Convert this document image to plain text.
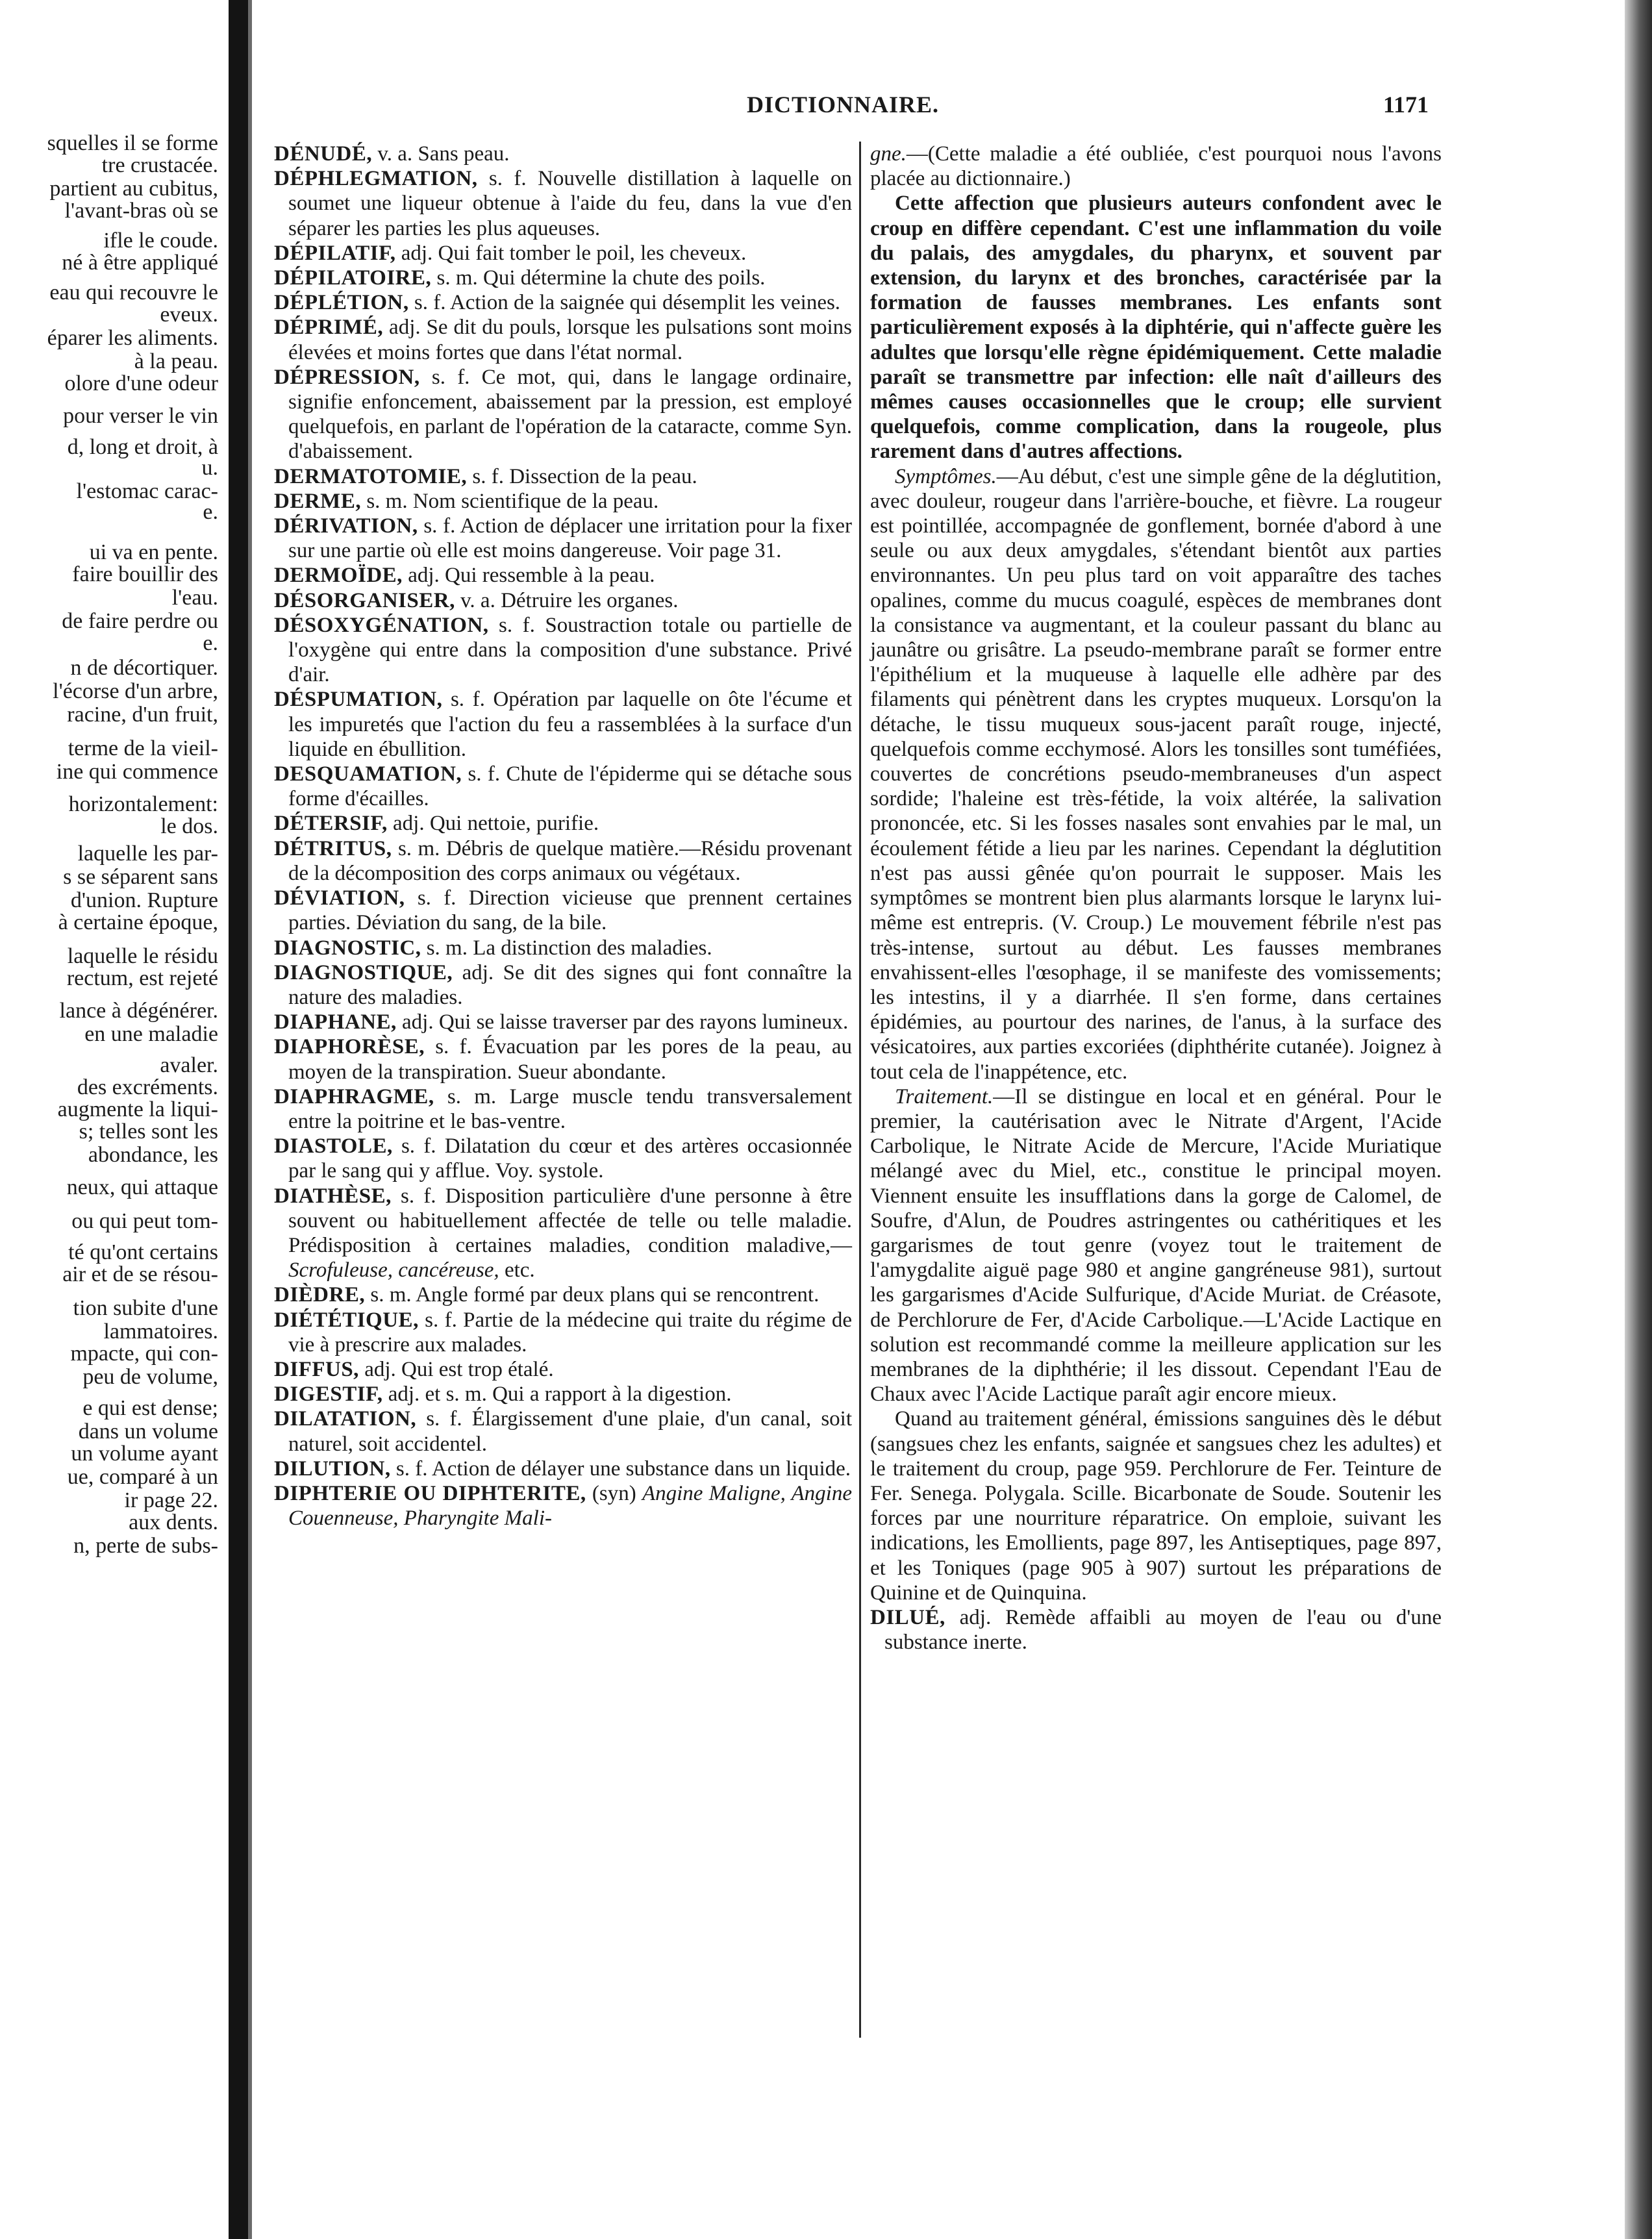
squelles il se forme
tre crustacée.
partient au cubitus,
l'avant-bras où se
ifle le coude.
né à être appliqué
eau qui recouvre le
eveux.
éparer les aliments.
à la peau.
olore d'une odeur
pour verser le vin
d, long et droit, à
u.
l'estomac carac-
e.
ui va en pente.
faire bouillir des
l'eau.
de faire perdre ou
e.
n de décortiquer.
l'écorse d'un arbre,
racine, d'un fruit,
terme de la vieil-
ine qui commence
horizontalement:
le dos.
laquelle les par-
s se séparent sans
d'union. Rupture
à certaine époque,
laquelle le résidu
rectum, est rejeté
lance à dégénérer.
en une maladie
avaler.
des excréments.
augmente la liqui-
s; telles sont les
abondance, les
neux, qui attaque
ou qui peut tom-
té qu'ont certains
air et de se résou-
tion subite d'une
lammatoires.
mpacte, qui con-
peu de volume,
e qui est dense;
dans un volume
un volume ayant
ue, comparé à un
ir page 22.
aux dents.
n, perte de subs-
DICTIONNAIRE.	1171

DÉNUDÉ, v. a. Sans peau.

DÉPHLEGMATION, s. f. Nouvelle distillation à laquelle on soumet une liqueur obtenue à l'aide du feu, dans la vue d'en séparer les parties les plus aqueuses.

DÉPILATIF, adj. Qui fait tomber le poil, les cheveux.

DÉPILATOIRE, s. m. Qui détermine la chute des poils.

DÉPLÉTION, s. f. Action de la saignée qui désemplit les veines.

DÉPRIMÉ, adj. Se dit du pouls, lorsque les pulsations sont moins élevées et moins fortes que dans l'état normal.

DÉPRESSION, s. f. Ce mot, qui, dans le langage ordinaire, signifie enfoncement, abaissement par la pression, est employé quelquefois, en parlant de l'opération de la cataracte, comme Syn. d'abaissement.

DERMATOTOMIE, s. f. Dissection de la peau.

DERME, s. m. Nom scientifique de la peau.

DÉRIVATION, s. f. Action de déplacer une irritation pour la fixer sur une partie où elle est moins dangereuse. Voir page 31.

DERMOÏDE, adj. Qui ressemble à la peau.

DÉSORGANISER, v. a. Détruire les organes.

DÉSOXYGÉNATION, s. f. Soustraction totale ou partielle de l'oxygène qui entre dans la composition d'une substance. Privé d'air.

DÉSPUMATION, s. f. Opération par laquelle on ôte l'écume et les impuretés que l'action du feu a rassemblées à la surface d'un liquide en ébullition.

DESQUAMATION, s. f. Chute de l'épiderme qui se détache sous forme d'écailles.

DÉTERSIF, adj. Qui nettoie, purifie.

DÉTRITUS, s. m. Débris de quelque matière.—Résidu provenant de la décomposition des corps animaux ou végétaux.

DÉVIATION, s. f. Direction vicieuse que prennent certaines parties. Déviation du sang, de la bile.

DIAGNOSTIC, s. m. La distinction des maladies.

DIAGNOSTIQUE, adj. Se dit des signes qui font connaître la nature des maladies.

DIAPHANE, adj. Qui se laisse traverser par des rayons lumineux.

DIAPHORÈSE, s. f. Évacuation par les pores de la peau, au moyen de la transpiration. Sueur abondante.

DIAPHRAGME, s. m. Large muscle tendu transversalement entre la poitrine et le bas-ventre.

DIASTOLE, s. f. Dilatation du cœur et des artères occasionnée par le sang qui y afflue. Voy. systole.

DIATHÈSE, s. f. Disposition particulière d'une personne à être souvent ou habituellement affectée de telle ou telle maladie. Prédisposition à certaines maladies, condition maladive,—Scrofuleuse, cancéreuse, etc.

DIÈDRE, s. m. Angle formé par deux plans qui se rencontrent.

DIÉTÉTIQUE, s. f. Partie de la médecine qui traite du régime de vie à prescrire aux malades.

DIFFUS, adj. Qui est trop étalé.

DIGESTIF, adj. et s. m. Qui a rapport à la digestion.

DILATATION, s. f. Élargissement d'une plaie, d'un canal, soit naturel, soit accidentel.

DILUTION, s. f. Action de délayer une substance dans un liquide.

DIPHTERIE OU DIPHTERITE, (syn) Angine Maligne, Angine Couenneuse, Pharyngite Mali-

gne.—(Cette maladie a été oubliée, c'est pourquoi nous l'avons placée au dictionnaire.)

Cette affection que plusieurs auteurs confondent avec le croup en diffère cependant. C'est une inflammation du voile du palais, des amygdales, du pharynx, et souvent par extension, du larynx et des bronches, caractérisée par la formation de fausses membranes. Les enfants sont particulièrement exposés à la diphtérie, qui n'affecte guère les adultes que lorsqu'elle règne épidémiquement. Cette maladie paraît se transmettre par infection: elle naît d'ailleurs des mêmes causes occasionnelles que le croup; elle survient quelquefois, comme complication, dans la rougeole, plus rarement dans d'autres affections.

Symptômes.—Au début, c'est une simple gêne de la déglutition, avec douleur, rougeur dans l'arrière-bouche, et fièvre. La rougeur est pointillée, accompagnée de gonflement, bornée d'abord à une seule ou aux deux amygdales, s'étendant bientôt aux parties environnantes. Un peu plus tard on voit apparaître des taches opalines, comme du mucus coagulé, espèces de membranes dont la consistance va augmentant, et la couleur passant du blanc au jaunâtre ou grisâtre. La pseudo-membrane paraît se former entre l'épithélium et la muqueuse à laquelle elle adhère par des filaments qui pénètrent dans les cryptes muqueux. Lorsqu'on la détache, le tissu muqueux sous-jacent paraît rouge, injecté, quelquefois comme ecchymosé. Alors les tonsilles sont tuméfiées, couvertes de concrétions pseudo-membraneuses d'un aspect sordide; l'haleine est très-fétide, la voix altérée, la salivation prononcée, etc. Si les fosses nasales sont envahies par le mal, un écoulement fétide a lieu par les narines. Cependant la déglutition n'est pas aussi gênée qu'on pourrait le supposer. Mais les symptômes se montrent bien plus alarmants lorsque le larynx lui-même est entrepris. (V. Croup.) Le mouvement fébrile n'est pas très-intense, surtout au début. Les fausses membranes envahissent-elles l'œsophage, il se manifeste des vomissements; les intestins, il y a diarrhée. Il s'en forme, dans certaines épidémies, au pourtour des narines, de l'anus, à la surface des vésicatoires, aux parties excoriées (diphthérite cutanée). Joignez à tout cela de l'inappétence, etc.

Traitement.—Il se distingue en local et en général. Pour le premier, la cautérisation avec le Nitrate d'Argent, l'Acide Carbolique, le Nitrate Acide de Mercure, l'Acide Muriatique mélangé avec du Miel, etc., constitue le principal moyen. Viennent ensuite les insufflations dans la gorge de Calomel, de Soufre, d'Alun, de Poudres astringentes ou cathéritiques et les gargarismes de tout genre (voyez tout le traitement de l'amygdalite aiguë page 980 et angine gangréneuse 981), surtout les gargarismes d'Acide Sulfurique, d'Acide Muriat. de Créasote, de Perchlorure de Fer, d'Acide Carbolique.—L'Acide Lactique en solution est recommandé comme la meilleure application sur les membranes de la diphthérie; il les dissout. Cependant l'Eau de Chaux avec l'Acide Lactique paraît agir encore mieux.

Quand au traitement général, émissions sanguines dès le début (sangsues chez les enfants, saignée et sangsues chez les adultes) et le traitement du croup, page 959. Perchlorure de Fer. Teinture de Fer. Senega. Polygala. Scille. Bicarbonate de Soude. Soutenir les forces par une nourriture réparatrice. On emploie, suivant les indications, les Emollients, page 897, les Antiseptiques, page 897, et les Toniques (page 905 à 907) surtout les préparations de Quinine et de Quinquina.

DILUÉ, adj. Remède affaibli au moyen de l'eau ou d'une substance inerte.
